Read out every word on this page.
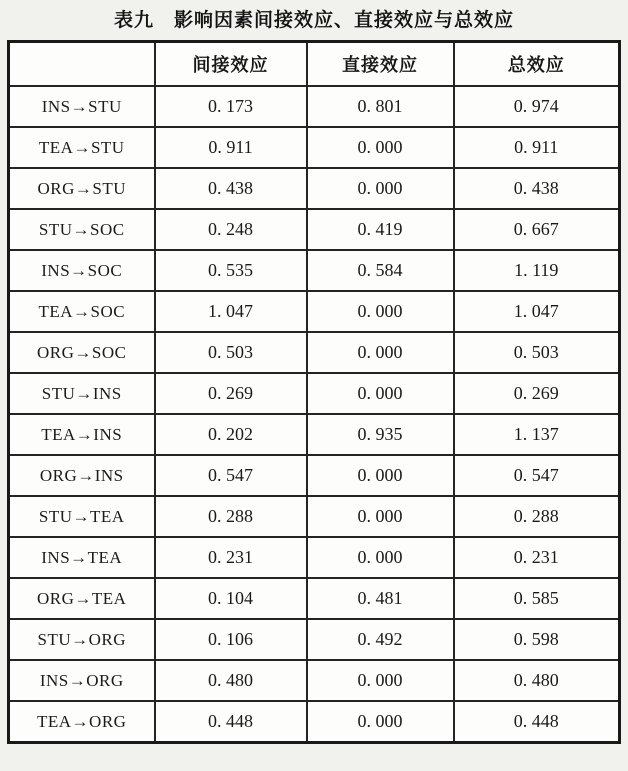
表九　影响因素间接效应、直接效应与总效应
	间接效应	直接效应	总效应
INS→STU	0. 173	0. 801	0. 974
TEA→STU	0. 911	0. 000	0. 911
ORG→STU	0. 438	0. 000	0. 438
STU→SOC	0. 248	0. 419	0. 667
INS→SOC	0. 535	0. 584	1. 119
TEA→SOC	1. 047	0. 000	1. 047
ORG→SOC	0. 503	0. 000	0. 503
STU→INS	0. 269	0. 000	0. 269
TEA→INS	0. 202	0. 935	1. 137
ORG→INS	0. 547	0. 000	0. 547
STU→TEA	0. 288	0. 000	0. 288
INS→TEA	0. 231	0. 000	0. 231
ORG→TEA	0. 104	0. 481	0. 585
STU→ORG	0. 106	0. 492	0. 598
INS→ORG	0. 480	0. 000	0. 480
TEA→ORG	0. 448	0. 000	0. 448
